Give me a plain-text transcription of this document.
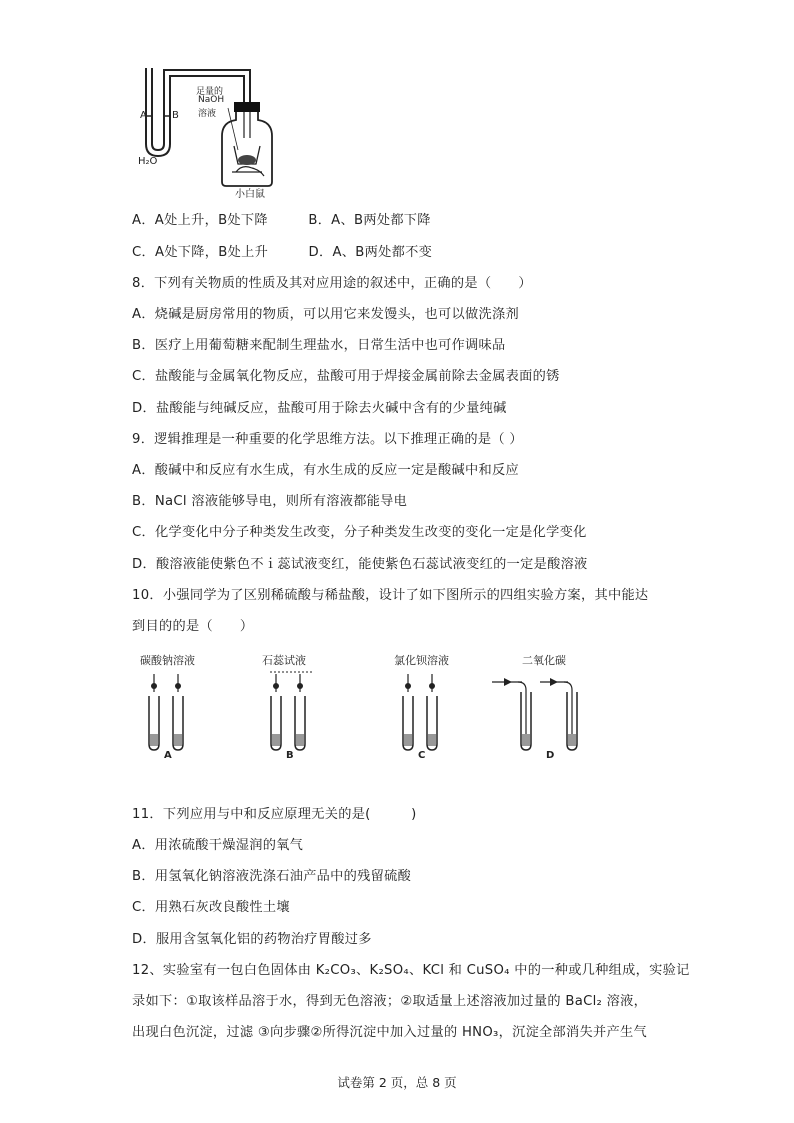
A	B
H₂O
足量的
NaOH
溶液
小白鼠
A．A处上升，B处下降　　　B．A、B两处都下降
C．A处下降，B处上升　　　D．A、B两处都不变
8．下列有关物质的性质及其对应用途的叙述中，正确的是（　　）
A．烧碱是厨房常用的物质，可以用它来发馒头，也可以做洗涤剂
B．医疗上用葡萄糖来配制生理盐水，日常生活中也可作调味品
C．盐酸能与金属氧化物反应，盐酸可用于焊接金属前除去金属表面的锈
D．盐酸能与纯碱反应，盐酸可用于除去火碱中含有的少量纯碱
9．逻辑推理是一种重要的化学思维方法。以下推理正确的是（ ）
A．酸碱中和反应有水生成，有水生成的反应一定是酸碱中和反应
B．NaCl 溶液能够导电，则所有溶液都能导电
C．化学变化中分子种类发生改变，分子种类发生改变的变化一定是化学变化
D．酸溶液能使紫色不ｉ蕊试液变红，能使紫色石蕊试液变红的一定是酸溶液
10．小强同学为了区别稀硫酸与稀盐酸，设计了如下图所示的四组实验方案，其中能达
到目的的是（　　）
碳酸钠溶液
A
石蕊试液
B
氯化钡溶液
C
二氧化碳
D
11．下列应用与中和反应原理无关的是(　　　)
A．用浓硫酸干燥湿润的氧气
B．用氢氧化钠溶液洗涤石油产品中的残留硫酸
C．用熟石灰改良酸性土壤
D．服用含氢氧化铝的药物治疗胃酸过多
12、实验室有一包白色固体由 K₂CO₃、K₂SO₄、KCl 和 CuSO₄ 中的一种或几种组成，实验记
录如下：①取该样品溶于水，得到无色溶液；②取适量上述溶液加过量的 BaCl₂ 溶液，
出现白色沉淀，过滤 ③向步骤②所得沉淀中加入过量的 HNO₃，沉淀全部消失并产生气
试卷第 2 页，总 8 页
